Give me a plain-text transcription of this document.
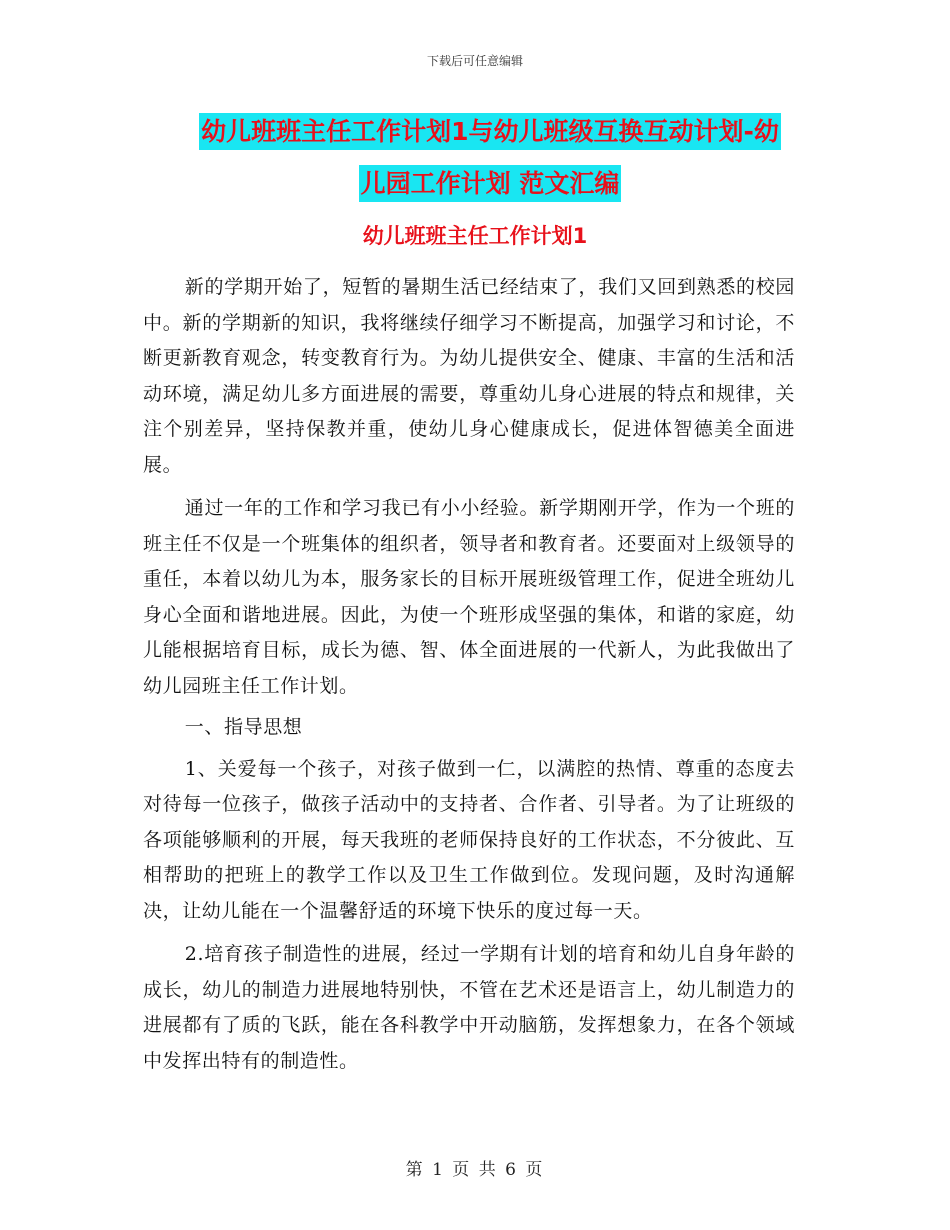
下载后可任意编辑
幼儿班班主任工作计划1与幼儿班级互换互动计划-幼
儿园工作计划 范文汇编
幼儿班班主任工作计划1

新的学期开始了，短暂的暑期生活已经结束了，我们又回到熟悉的校园中。新的学期新的知识，我将继续仔细学习不断提高，加强学习和讨论，不断更新教育观念，转变教育行为。为幼儿提供安全、健康、丰富的生活和活动环境，满足幼儿多方面进展的需要，尊重幼儿身心进展的特点和规律，关注个别差异，坚持保教并重，使幼儿身心健康成长，促进体智德美全面进展。

通过一年的工作和学习我已有小小经验。新学期刚开学，作为一个班的班主任不仅是一个班集体的组织者，领导者和教育者。还要面对上级领导的重任，本着以幼儿为本，服务家长的目标开展班级管理工作，促进全班幼儿身心全面和谐地进展。因此，为使一个班形成坚强的集体，和谐的家庭，幼儿能根据培育目标，成长为德、智、体全面进展的一代新人，为此我做出了幼儿园班主任工作计划。

一、指导思想

1、关爱每一个孩子，对孩子做到一仁，以满腔的热情、尊重的态度去对待每一位孩子，做孩子活动中的支持者、合作者、引导者。为了让班级的各项能够顺利的开展，每天我班的老师保持良好的工作状态，不分彼此、互相帮助的把班上的教学工作以及卫生工作做到位。发现问题，及时沟通解决，让幼儿能在一个温馨舒适的环境下快乐的度过每一天。

2.培育孩子制造性的进展，经过一学期有计划的培育和幼儿自身年龄的成长，幼儿的制造力进展地特别快，不管在艺术还是语言上，幼儿制造力的进展都有了质的飞跃，能在各科教学中开动脑筋，发挥想象力，在各个领域中发挥出特有的制造性。

第 1 页 共 6 页
